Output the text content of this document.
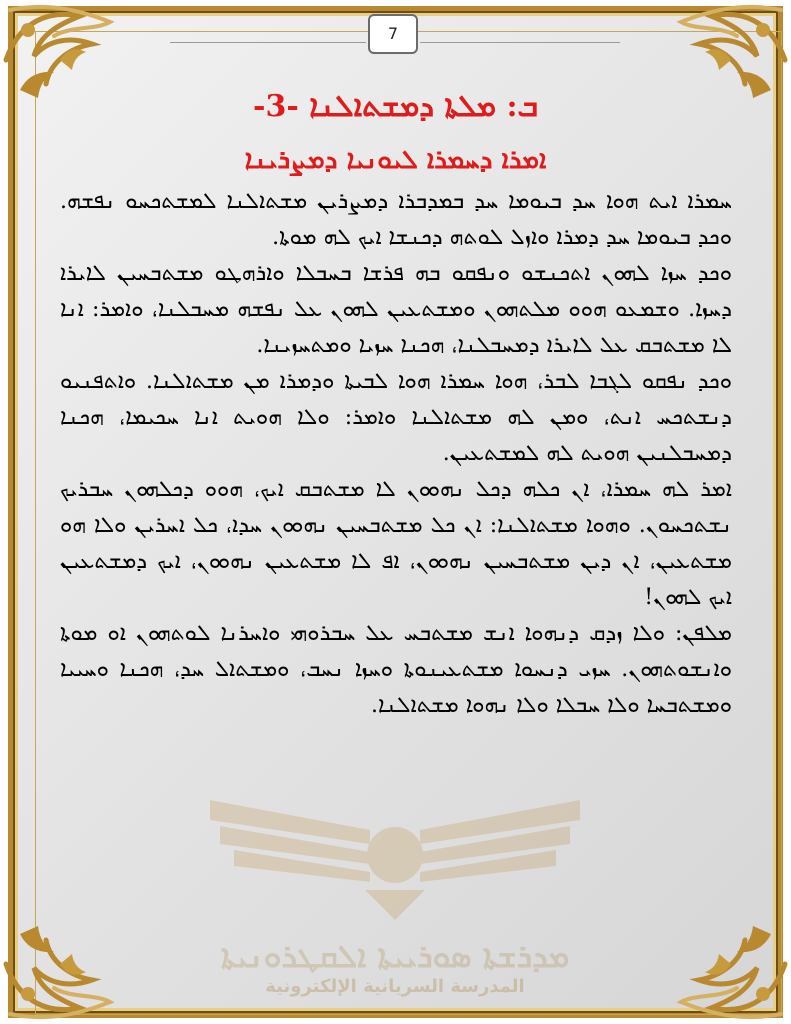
7
ܡܕܪܫܬܐ ܣܘܪܝܝܬܐ ܐܠܩܛܪܘܢܝܬܐ
المدرسة السريانية الإلكترونية
ܒ: ܡܠܬܐ ܕܡܫܬܐܠܢܐ -3-
ܐܡܪܐ ܕܚܡܪܐ ܠܝܘܢܝܐ ܕܡܨܪܝܢܐ

ܚܡܪܐ ܐܝܬ ܗܘܐ ܚܕ ܒܝܘܡܐ ܚܕ ܒܡܕܒܪܐ ܕܡܨܪܝܢ ܡܫܬܐܠܢܐ ܠܡܫܬܟܚܘ ܢܦܫܗ. ܘܟܕ ܒܝܘܡܐ ܚܕ ܕܡܪܐ ܘܐܙܠ ܠܘܬܗ ܕܟܢܫܐ ܐܝܟ ܠܗ ܡܘܬܐ.

ܘܟܕ ܚܙܐ ܠܗܘܢ ܐܬܟܢܫܘ ܘܢܦܩܘ ܒܗ ܦܪܫܐ ܒܚܒܠܐ ܘܐܪܗܛܘ ܡܫܬܒܚܝܢ ܠܐܝܪܐ ܕܚܙܐ. ܘܫܡܥܘ ܗܘܘ ܡܠܬܗܘܢ ܘܡܫܬܥܝܢ ܠܗܘܢ ܥܠ ܢܦܫܗ ܡܚܒܠܢܐ، ܘܐܡܪ: ܐܢܐ ܠܐ ܡܫܬܒܩ ܥܠ ܠܐܝܪܐ ܕܡܚܒܠܢܐ، ܗܟܢܐ ܚܙܝܐ ܘܡܬܚܙܝܢܐ.

ܘܟܕ ܢܦܩܘ ܠܓܒܐ ܠܒܪ، ܗܘܐ ܚܡܪܐ ܗܘܐ ܠܒܝܬܐ ܘܕܡܪܐ ܡܢ ܡܫܬܐܠܢܐ. ܘܐܬܦܢܝܘ ܕܢܫܬܟܚ ܐܢܬ، ܘܡܢ ܠܗ ܡܫܬܐܠܢܐ ܘܐܡܪ: ܘܠܐ ܗܘܝܬ ܐܢܐ ܚܟܝܡܐ، ܗܟܢܐ ܕܡܚܒܠܢܝܢ ܗܘܝܬ ܠܗ ܠܡܫܬܥܝܢ.

ܐܡܪ ܠܗ ܚܡܪܐ، ܐܢ ܟܠܗ ܕܟܠ ܢܗܘܘܢ ܠܐ ܡܫܬܒܩ ܐܝܟ، ܗܘܘ ܕܟܠܗܘܢ ܚܒܪܝܟ ܢܫܬܟܚܘܢ. ܘܗܘܐ ܡܫܬܐܠܢܐ: ܐܢ ܟܠ ܡܫܬܒܚܝܢ ܢܗܘܘܢ ܚܕܐ، ܟܠ ܐܚܪܝܢ ܘܠܐ ܗܘ ܡܫܬܥܝܢ، ܐܢ ܕܝܢ ܡܫܬܒܚܝܢ ܢܗܘܘܢ، ܐܦ ܠܐ ܡܫܬܥܝܢ ܢܗܘܘܢ، ܐܝܟ ܕܡܫܬܥܝܢ ܐܝܟ ܠܗܘܢ!

ܡܠܦܢ: ܘܠܐ ܙܕܩ ܕܢܗܘܐ ܐܢܫ ܡܫܬܒܚ ܥܠ ܚܒܪܘܗܝ ܘܐܚܪܢܐ ܠܘܬܗܘܢ ܐܘ ܡܘܬܐ ܘܐܢܫܘܬܗܘܢ. ܚܙܝ ܕܢܚܘܐ ܡܫܬܥܝܢܘܬܐ ܘܚܙܐ ܢܚܒ، ܘܡܫܬܐܠ ܚܕ، ܗܟܢܐ ܘܚܝܝܐ ܘܡܫܬܒܚܐ ܘܠܐ ܚܒܠܐ ܘܠܐ ܢܗܘܐ ܡܫܬܐܠܢܐ.
